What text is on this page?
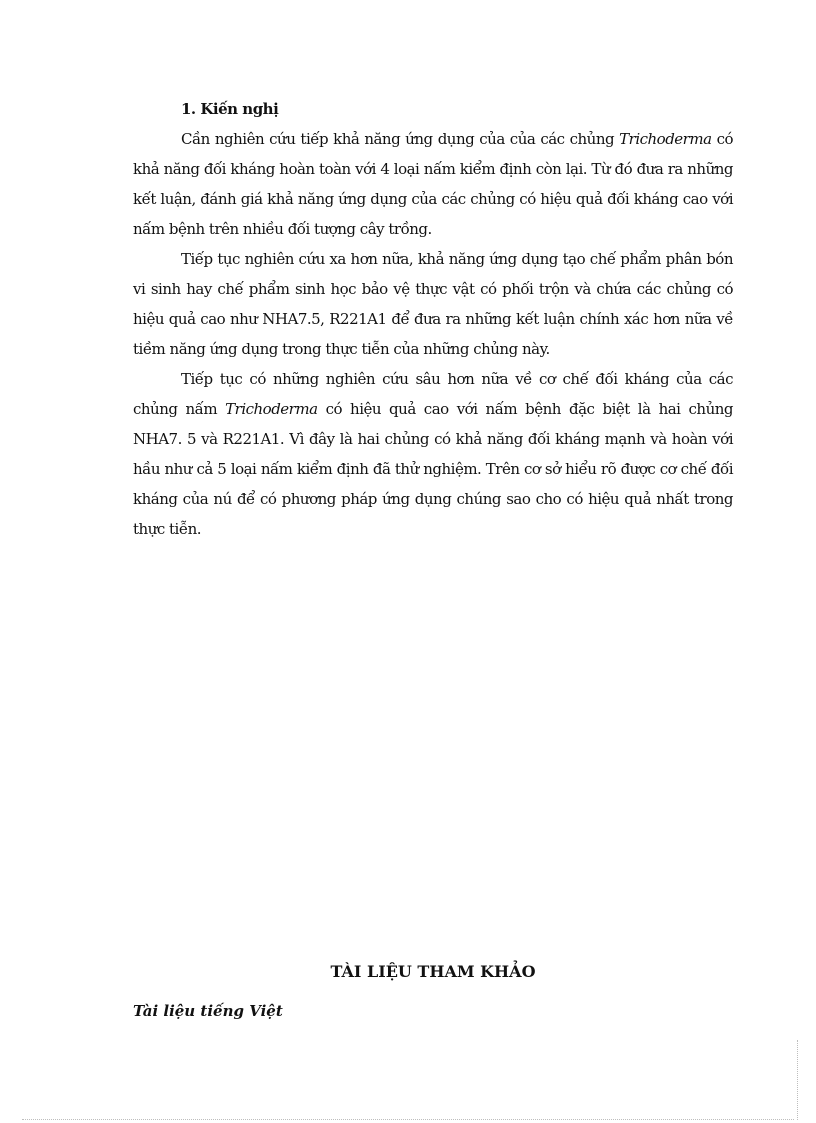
1. Kiến nghị

Cần nghiên cứu tiếp khả năng ứng dụng của của các chủng Trichoderma có khả năng đối kháng hoàn toàn với 4 loại nấm kiểm định còn lại. Từ đó đưa ra những kết luận, đánh giá khả năng ứng dụng của các chủng có hiệu quả đối kháng cao với nấm bệnh trên nhiều đối tượng cây trồng.

Tiếp tục nghiên cứu xa hơn nữa, khả năng ứng dụng tạo chế phẩm phân bón vi sinh hay chế phẩm sinh học bảo vệ thực vật có phối trộn và chứa các chủng có hiệu quả cao như NHA7.5, R221A1 để đưa ra những kết luận chính xác hơn nữa về tiềm năng ứng dụng trong thực tiễn của những chủng này.

Tiếp tục có những nghiên cứu sâu hơn nữa về cơ chế đối kháng của các chủng nấm Trichoderma có hiệu quả cao với nấm bệnh đặc biệt là hai chủng NHA7. 5 và R221A1. Vì đây là hai chủng có khả năng đối kháng mạnh và hoàn với hầu như cả 5 loại nấm kiểm định đã thử nghiệm. Trên cơ sở hiểu rõ được cơ chế đối kháng của nú để có phương pháp ứng dụng chúng sao cho có hiệu quả nhất trong thực tiễn.

TÀI LIỆU THAM KHẢO

Tài liệu tiếng Việt
